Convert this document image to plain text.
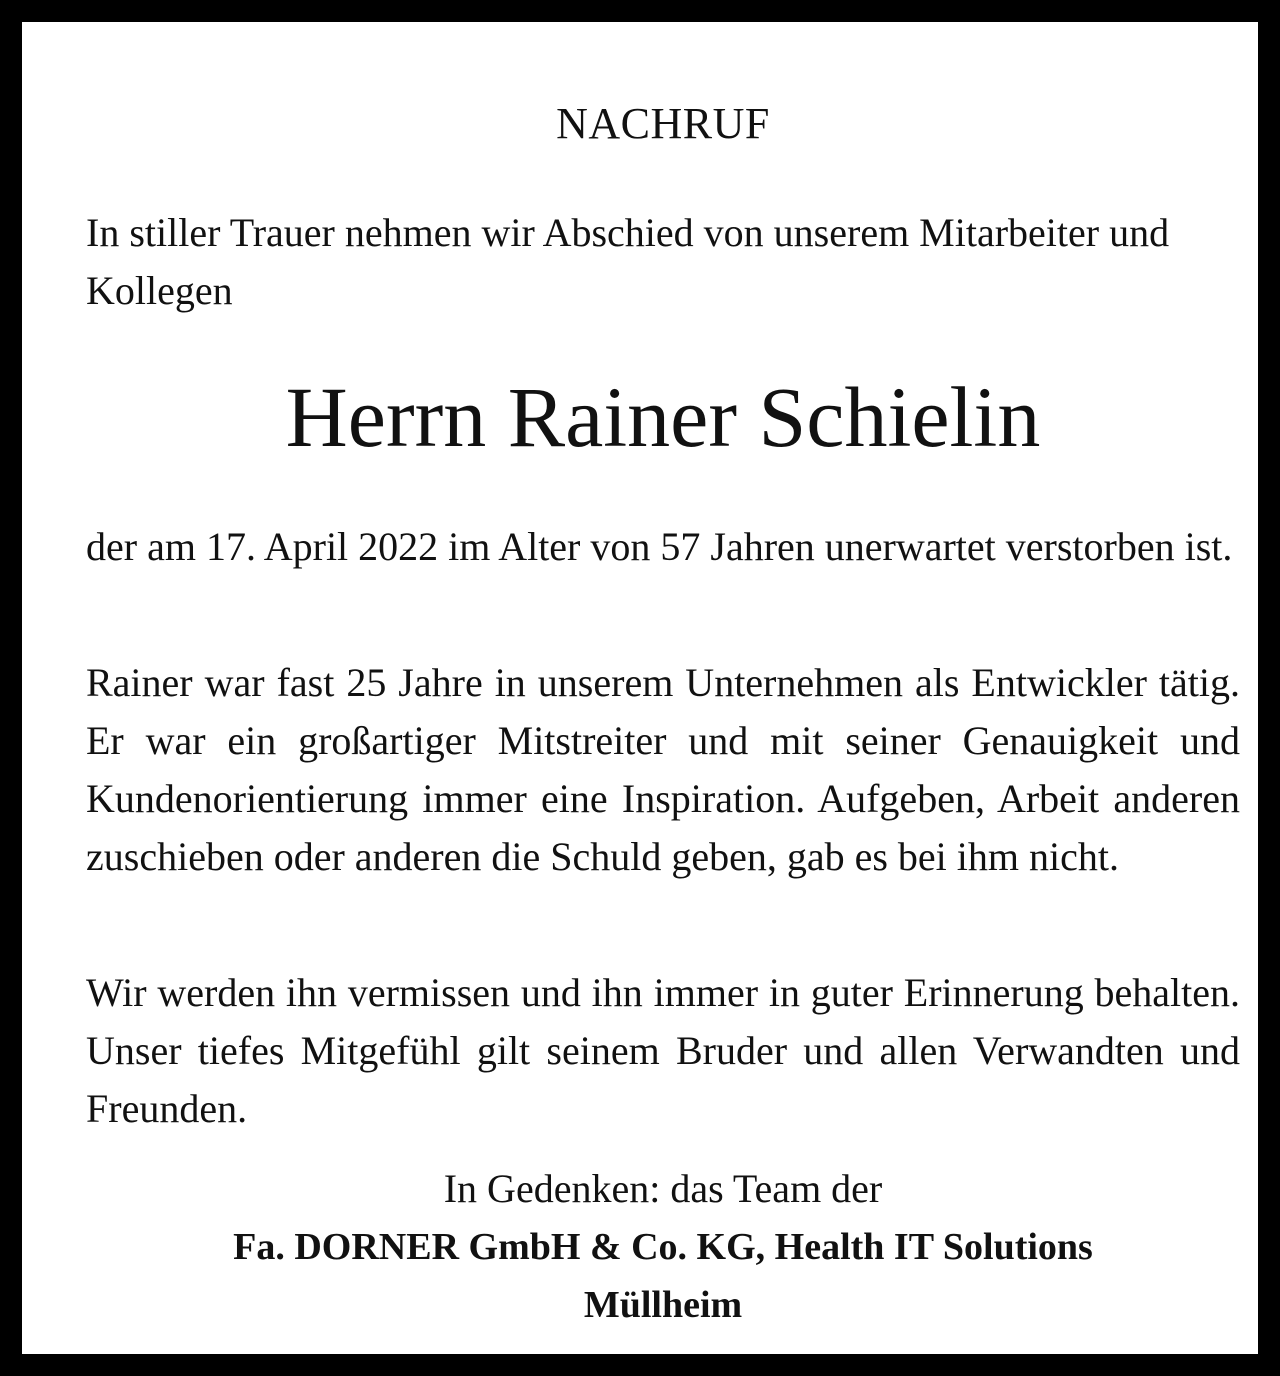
NACHRUF
In stiller Trauer nehmen wir Abschied von unserem Mitarbeiter und Kollegen
Herrn Rainer Schielin
der am 17. April 2022 im Alter von 57 Jahren unerwartet verstorben ist.
Rainer war fast 25 Jahre in unserem Unternehmen als Entwickler tätig. Er war ein großartiger Mitstreiter und mit seiner Genauigkeit und Kundenorientierung immer eine Inspiration. Aufgeben, Arbeit anderen zuschieben oder anderen die Schuld geben, gab es bei ihm nicht.
Wir werden ihn vermissen und ihn immer in guter Erinnerung behalten. Unser tiefes Mitgefühl gilt seinem Bruder und allen Verwandten und Freunden.
In Gedenken: das Team der
Fa. DORNER GmbH & Co. KG, Health IT Solutions
Müllheim
